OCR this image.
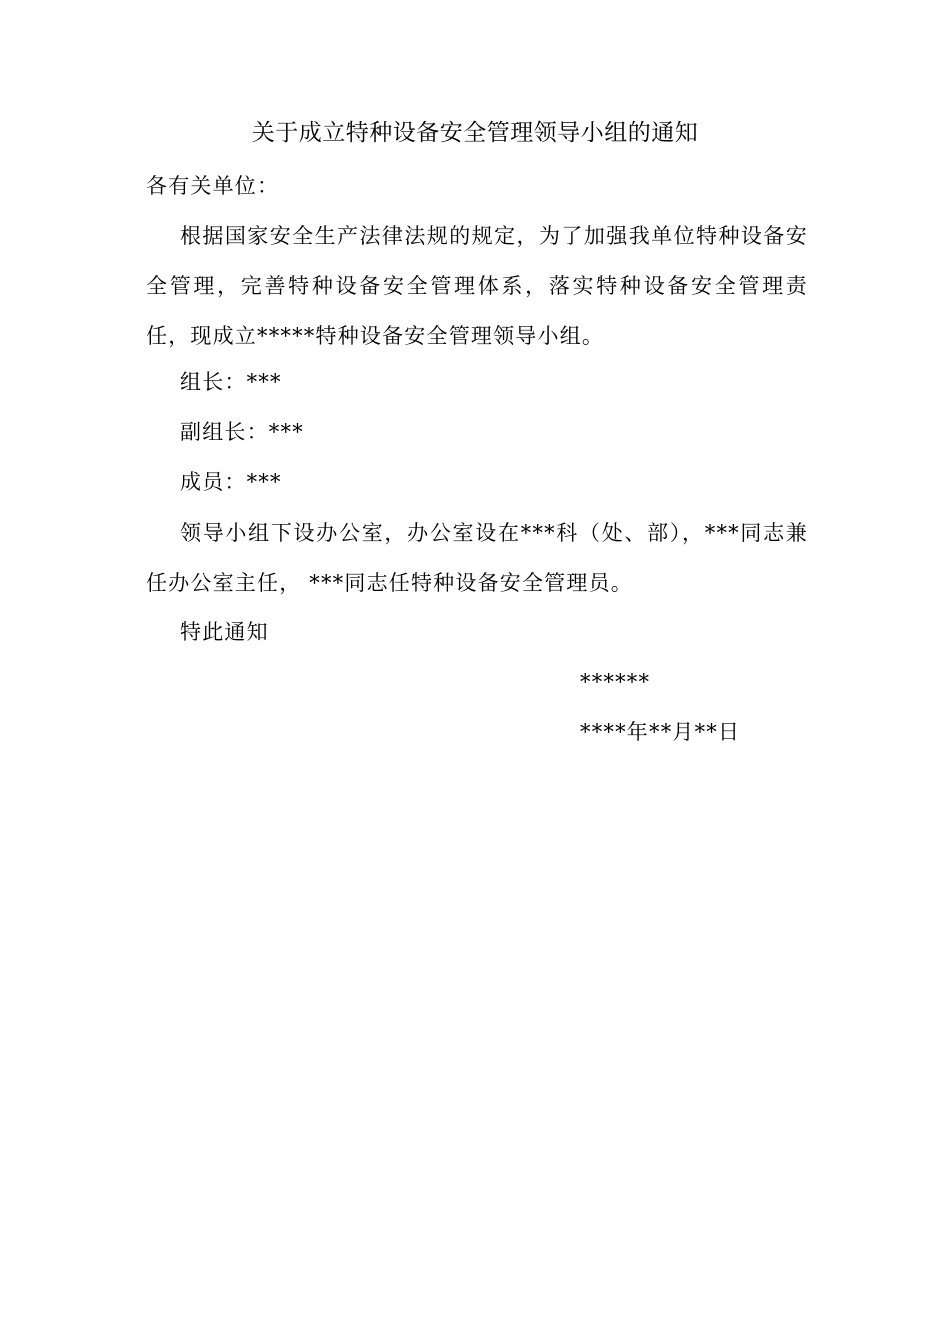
关于成立特种设备安全管理领导小组的通知
各有关单位：

根据国家安全生产法律法规的规定，为了加强我单位特种设备安全管理，完善特种设备安全管理体系，落实特种设备安全管理责任，现成立*****特种设备安全管理领导小组。

组长：***
副组长：***
成员：***

领导小组下设办公室，办公室设在***科（处、部），***同志兼任办公室主任， ***同志任特种设备安全管理员。

特此通知
******
****年**月**日
